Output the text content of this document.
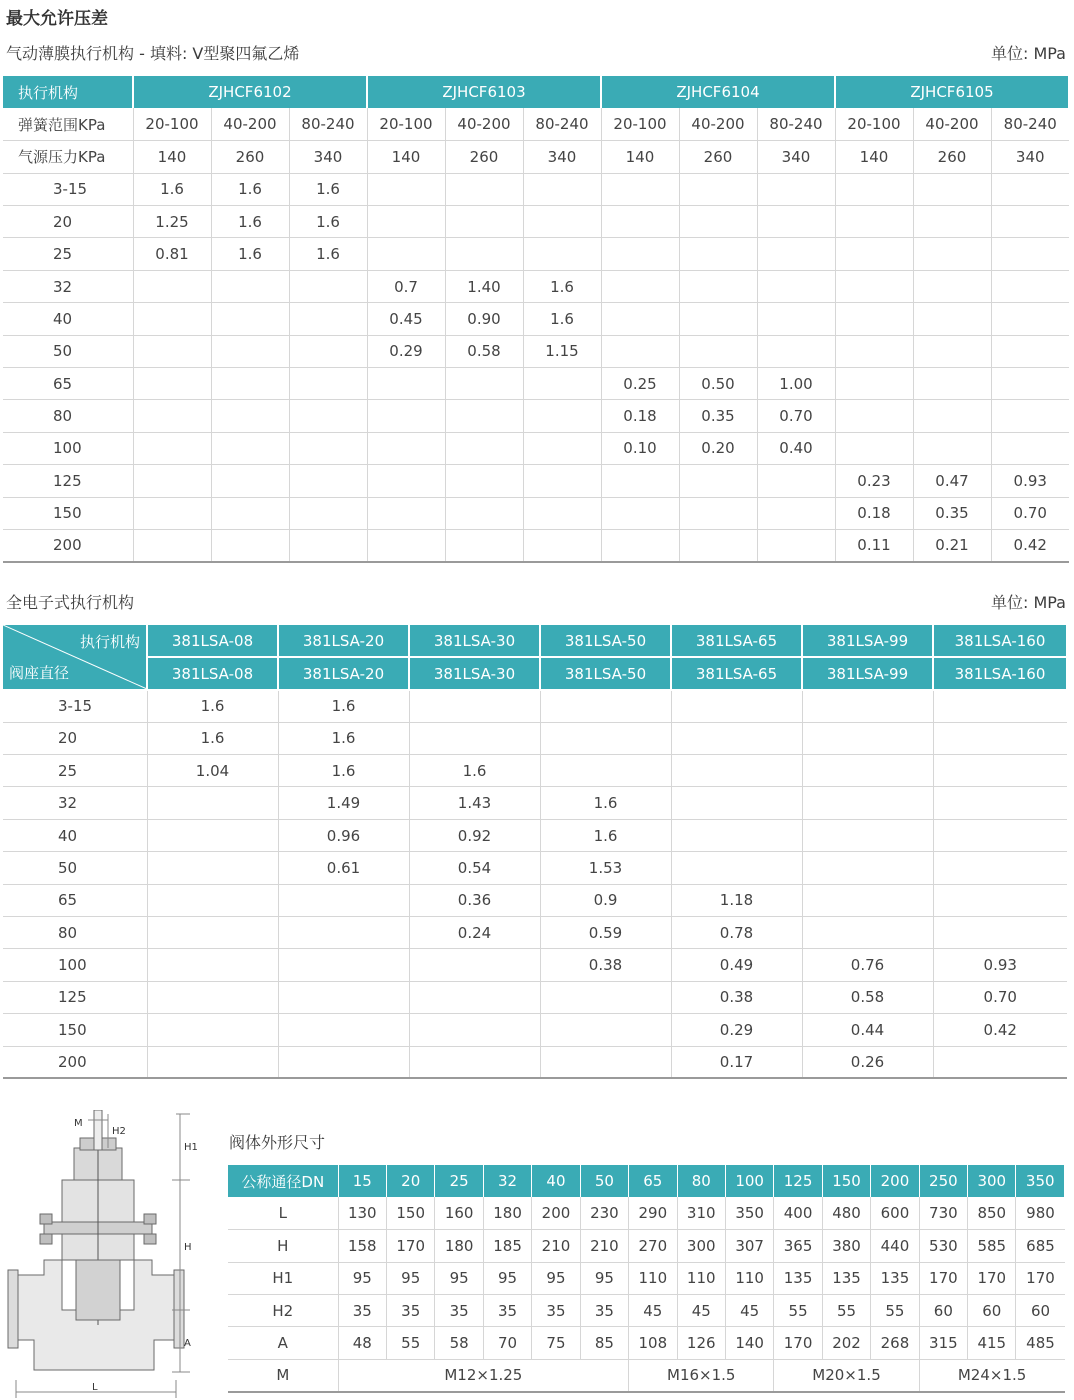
最大允许压差
气动薄膜执行机构 - 填料: V型聚四氟乙烯	单位: MPa
执行机构	ZJHCF6102			ZJHCF6103			ZJHCF6104			ZJHCF6105		
弹簧范围KPa	20-100	40-200	80-240	20-100	40-200	80-240	20-100	40-200	80-240	20-100	40-200	80-240
气源压力KPa	140	260	340	140	260	340	140	260	340	140	260	340
3-15	1.6	1.6	1.6									
20	1.25	1.6	1.6									
25	0.81	1.6	1.6									
32				0.7	1.40	1.6						
40				0.45	0.90	1.6						
50				0.29	0.58	1.15						
65							0.25	0.50	1.00			
80							0.18	0.35	0.70			
100							0.10	0.20	0.40			
125										0.23	0.47	0.93
150										0.18	0.35	0.70
200										0.11	0.21	0.42
全电子式执行机构	单位: MPa
执行机构
阀座直径	381LSA-08	381LSA-20	381LSA-30	381LSA-50	381LSA-65	381LSA-99	381LSA-160
	381LSA-08	381LSA-20	381LSA-30	381LSA-50	381LSA-65	381LSA-99	381LSA-160
3-15	1.6	1.6					
20	1.6	1.6					
25	1.04	1.6	1.6				
32		1.49	1.43	1.6			
40		0.96	0.92	1.6			
50		0.61	0.54	1.53			
65			0.36	0.9	1.18		
80			0.24	0.59	0.78		
100				0.38	0.49	0.76	0.93
125					0.38	0.58	0.70
150					0.29	0.44	0.42
200					0.17	0.26	
M
H2
H1
H
A
L
阀体外形尺寸
公称通径DN	15	20	25	32	40	50	65	80	100	125	150	200	250	300	350
L	130	150	160	180	200	230	290	310	350	400	480	600	730	850	980
H	158	170	180	185	210	210	270	300	307	365	380	440	530	585	685
H1	95	95	95	95	95	95	110	110	110	135	135	135	170	170	170
H2	35	35	35	35	35	35	45	45	45	55	55	55	60	60	60
A	48	55	58	70	75	85	108	126	140	170	202	268	315	415	485
M	M12×1.25						M16×1.5			M20×1.5			M24×1.5		
